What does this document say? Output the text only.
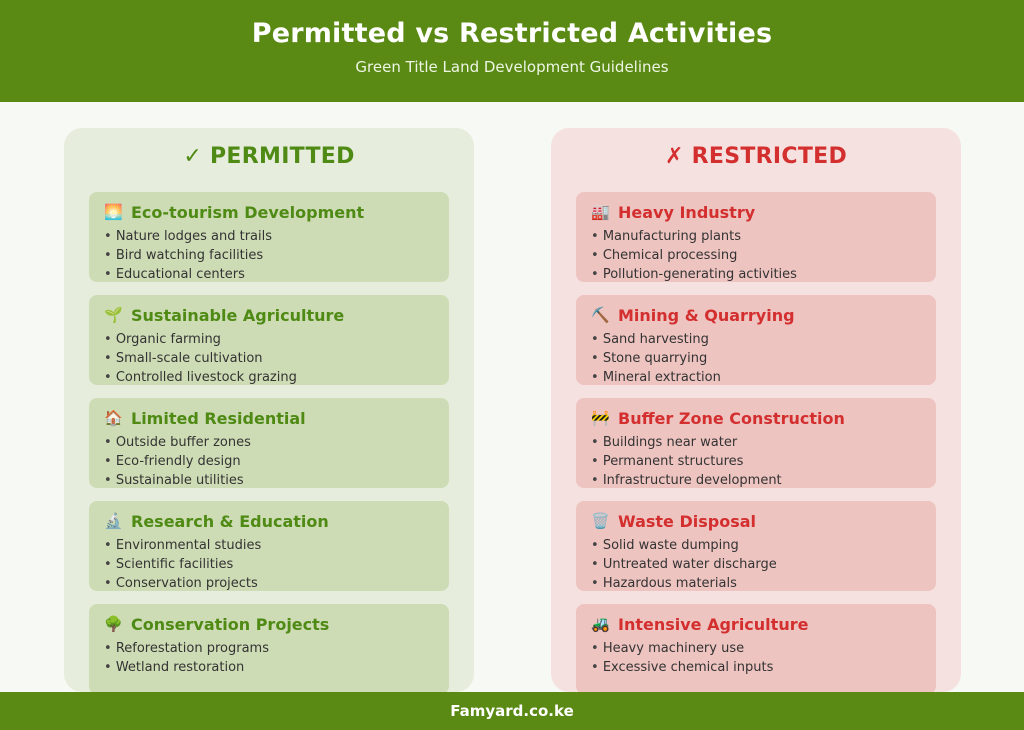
Permitted vs Restricted Activities
Green Title Land Development Guidelines
✓ PERMITTED
🌅 Eco-tourism Development
• Nature lodges and trails
• Bird watching facilities
• Educational centers
🌱 Sustainable Agriculture
• Organic farming
• Small-scale cultivation
• Controlled livestock grazing
🏠 Limited Residential
• Outside buffer zones
• Eco-friendly design
• Sustainable utilities
🔬 Research & Education
• Environmental studies
• Scientific facilities
• Conservation projects
🌳 Conservation Projects
• Reforestation programs
• Wetland restoration
✗ RESTRICTED
🏭 Heavy Industry
• Manufacturing plants
• Chemical processing
• Pollution-generating activities
⛏️ Mining & Quarrying
• Sand harvesting
• Stone quarrying
• Mineral extraction
🚧 Buffer Zone Construction
• Buildings near water
• Permanent structures
• Infrastructure development
🗑️ Waste Disposal
• Solid waste dumping
• Untreated water discharge
• Hazardous materials
🚜 Intensive Agriculture
• Heavy machinery use
• Excessive chemical inputs
Famyard.co.ke
